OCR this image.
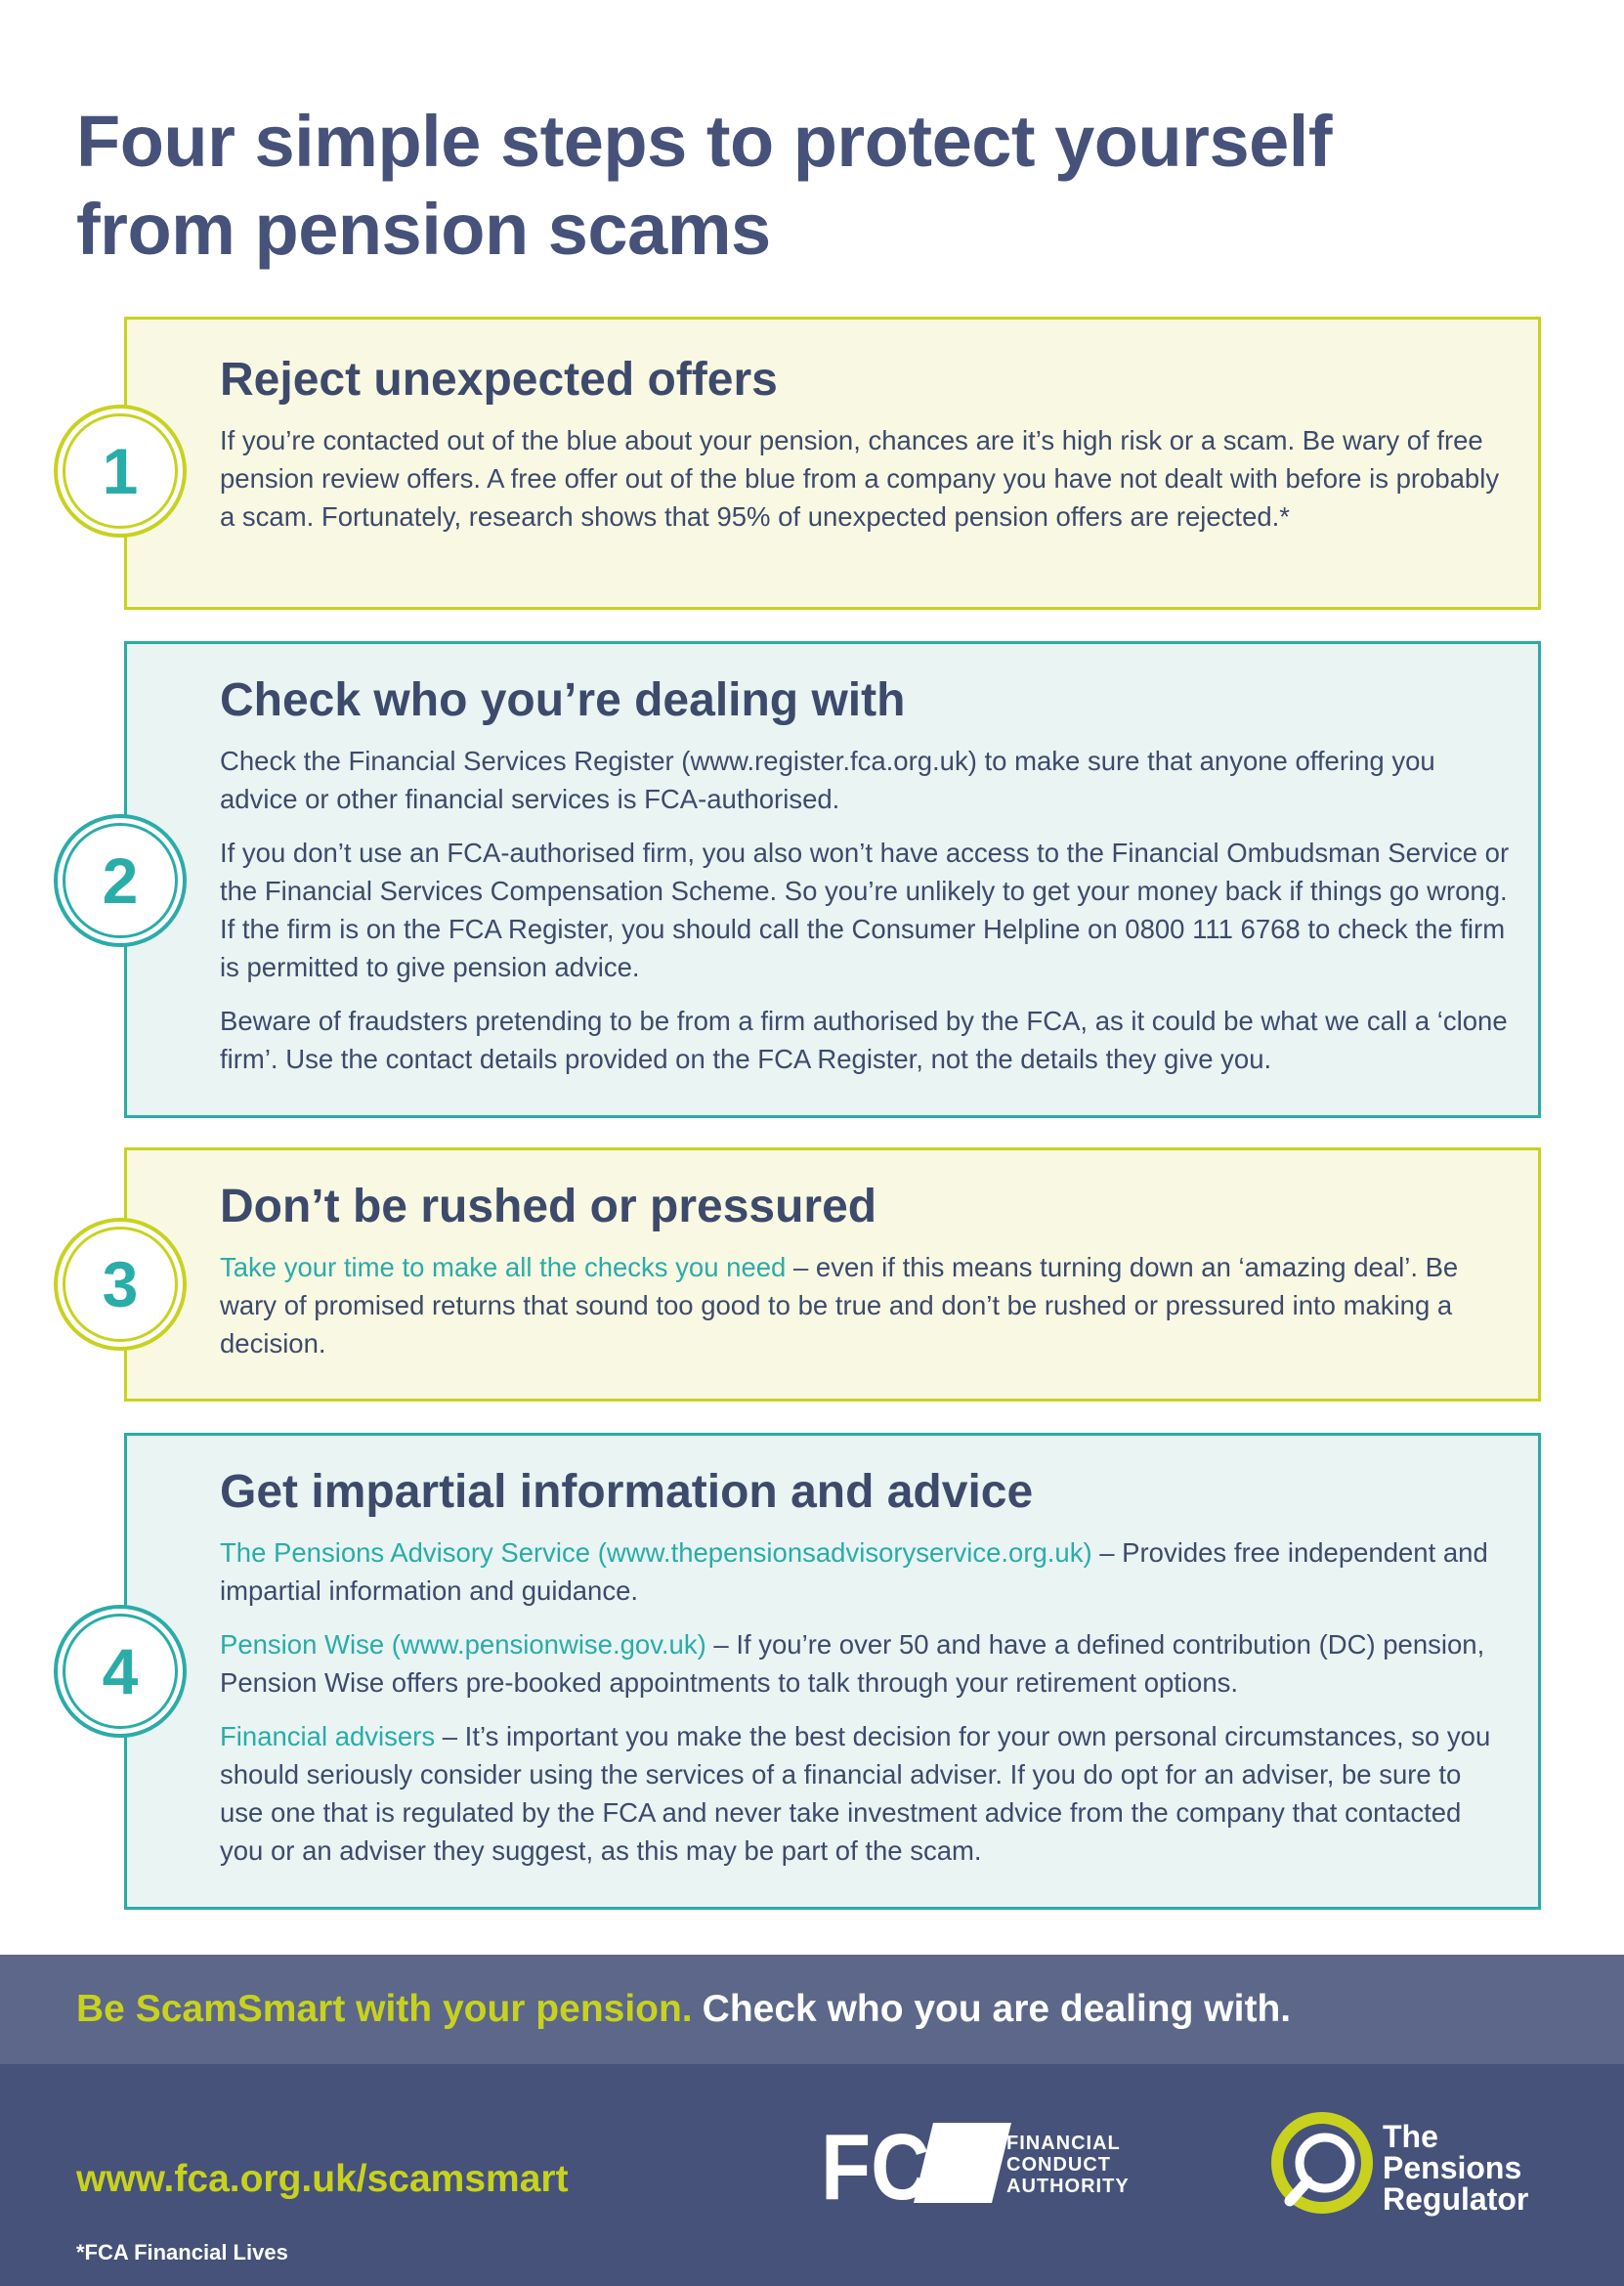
Four simple steps to protect yourself
from pension scams
Reject unexpected offers

If you’re contacted out of the blue about your pension, chances are it’s high risk or a scam. Be wary of free pension review offers. A free offer out of the blue from a company you have not dealt with before is probably a scam. Fortunately, research shows that 95% of unexpected pension offers are rejected.*

1
Check who you’re dealing with

Check the Financial Services Register (www.register.fca.org.uk) to make sure that anyone offering you advice or other financial services is FCA-authorised.

If you don’t use an FCA-authorised firm, you also won’t have access to the Financial Ombudsman Service or the Financial Services Compensation Scheme. So you’re unlikely to get your money back if things go wrong. If the firm is on the FCA Register, you should call the Consumer Helpline on 0800 111 6768 to check the firm is permitted to give pension advice.

Beware of fraudsters pretending to be from a firm authorised by the FCA, as it could be what we call a ‘clone firm’. Use the contact details provided on the FCA Register, not the details they give you.

2
Don’t be rushed or pressured

Take your time to make all the checks you need – even if this means turning down an ‘amazing deal’. Be wary of promised returns that sound too good to be true and don’t be rushed or pressured into making a decision.

3
Get impartial information and advice

The Pensions Advisory Service (www.thepensionsadvisoryservice.org.uk) – Provides free independent and impartial information and guidance.

Pension Wise (www.pensionwise.gov.uk) – If you’re over 50 and have a defined contribution (DC) pension, Pension Wise offers pre-booked appointments to talk through your retirement options.

Financial advisers – It’s important you make the best decision for your own personal circumstances, so you should seriously consider using the services of a financial adviser. If you do opt for an adviser, be sure to use one that is regulated by the FCA and never take investment advice from the company that contacted you or an adviser they suggest, as this may be part of the scam.

4
Be ScamSmart with your pension. Check who you are dealing with.
www.fca.org.uk/scamsmart
*FCA Financial Lives
FCA FINANCIAL
CONDUCT
AUTHORITY
The
Pensions
Regulator
